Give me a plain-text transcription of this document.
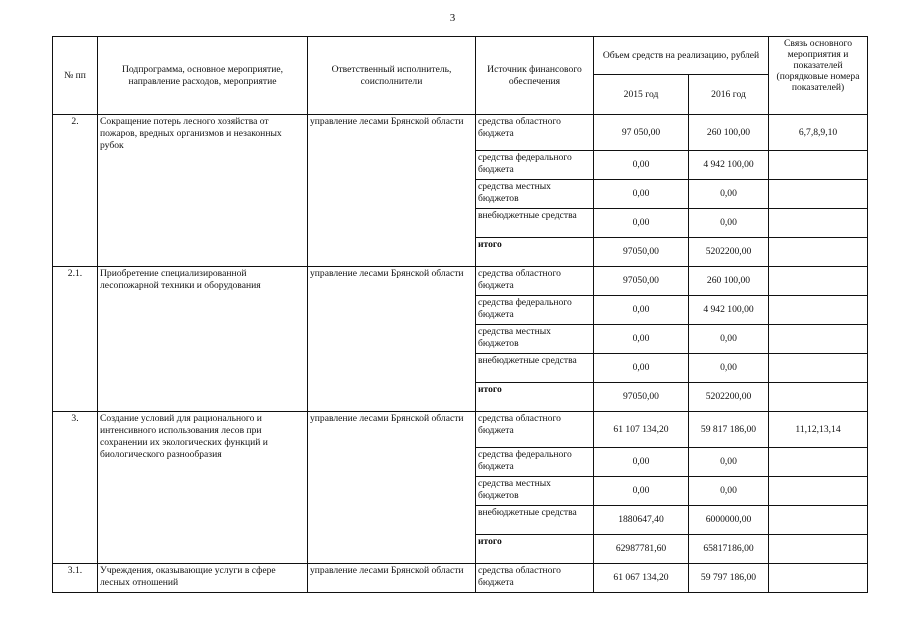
3
№ пп	Подпрограмма, основное мероприятие, направление расходов, мероприятие	Ответственный исполнитель, соисполнители	Источник финансового обеспечения	Объем средств на реализацию, рублей		Связь основного мероприятия и показателей (порядковые номера показателей)
				2015 год	2016 год	
2.	Сокращение потерь лесного хозяйства от пожаров, вредных организмов и незаконных рубок	управление лесами Брянской области	средства областного бюджета	97 050,00	260 100,00	6,7,8,9,10
			средства федерального бюджета	0,00	4 942 100,00	
			средства местных бюджетов	0,00	0,00	
			внебюджетные средства	0,00	0,00	
			итого	97050,00	5202200,00	
2.1.	Приобретение специализированной лесопожарной техники и оборудования	управление лесами Брянской области	средства областного бюджета	97050,00	260 100,00	
			средства федерального бюджета	0,00	4 942 100,00	
			средства местных бюджетов	0,00	0,00	
			внебюджетные средства	0,00	0,00	
			итого	97050,00	5202200,00	
3.	Создание условий для рационального и интенсивного использования лесов при сохранении их экологических функций и биологического разнообразия	управление лесами Брянской области	средства областного бюджета	61 107 134,20	59 817 186,00	11,12,13,14
			средства федерального бюджета	0,00	0,00	
			средства местных бюджетов	0,00	0,00	
			внебюджетные средства	1880647,40	6000000,00	
			итого	62987781,60	65817186,00	
3.1.	Учреждения, оказывающие услуги в сфере лесных отношений	управление лесами Брянской области	средства областного бюджета	61 067 134,20	59 797 186,00	
